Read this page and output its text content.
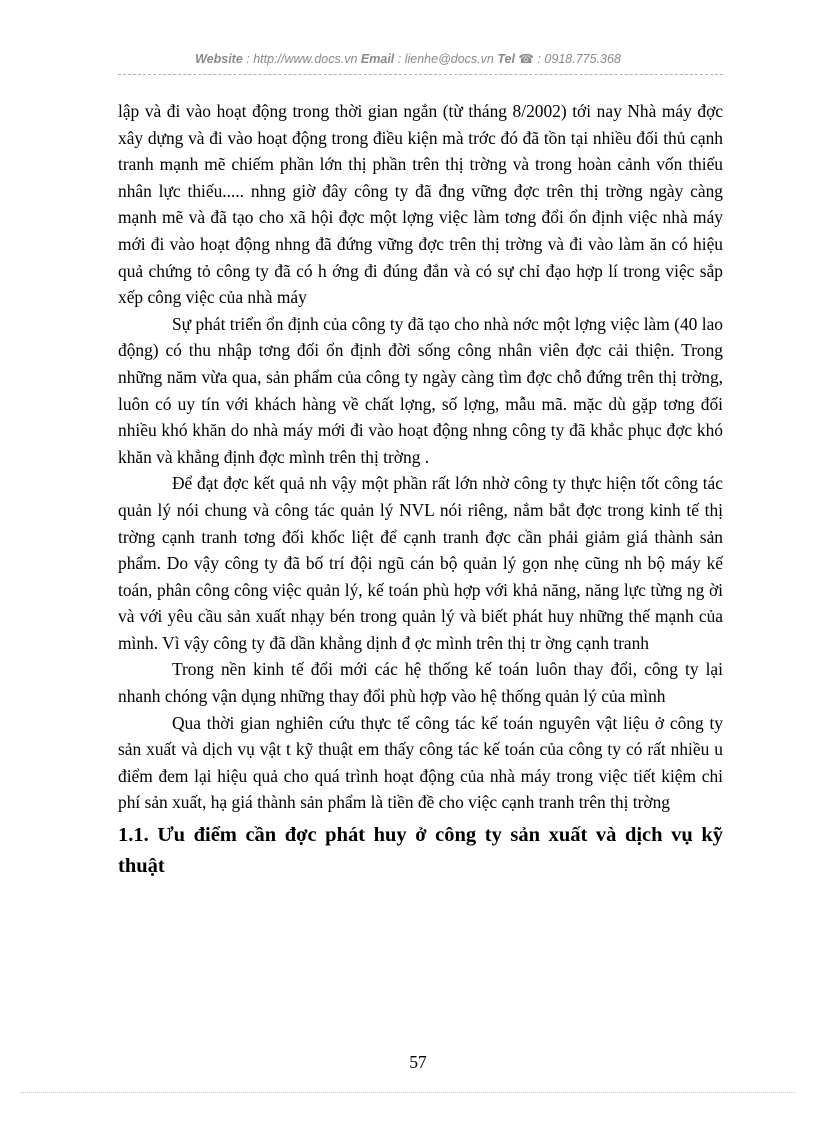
Website : http://www.docs.vn Email : lienhe@docs.vn Tel ☎ : 0918.775.368

lập và đi vào hoạt động trong thời gian ngắn (từ tháng 8/2002) tới nay Nhà máy đợc xây dựng và đi vào hoạt động trong điều kiện mà trớc đó đã tồn tại nhiều đối thủ cạnh tranh mạnh mẽ chiếm phần lớn thị phần trên thị trờng và trong hoàn cảnh vốn thiếu nhân lực thiếu..... nhng giờ đây công ty đã đng vững đợc trên thị trờng ngày càng mạnh mẽ và đã tạo cho xã hội đợc một lợng việc làm tơng đổi ổn định việc nhà máy mới đi vào hoạt động nhng đã đứng vững đợc trên thị trờng và đi vào làm ăn có hiệu quả chứng tỏ công ty đã có h ớng đi đúng đắn và có sự chỉ đạo hợp lí trong việc sắp xếp công việc của nhà máy

Sự phát triển ổn định của công ty đã tạo cho nhà nớc một lợng việc làm (40 lao động) có thu nhập tơng đối ổn định đời sống công nhân viên đợc cải thiện. Trong những năm vừa qua, sản phẩm của công ty ngày càng tìm đợc chỗ đứng trên thị trờng, luôn có uy tín với khách hàng về chất lợng, số lợng, mẫu mã. mặc dù gặp tơng đối nhiều khó khăn do nhà máy mới đi vào hoạt động nhng công ty đã khắc phục đợc khó khăn và khẳng định đợc mình trên thị trờng .

Để đạt đợc kết quả nh vậy một phần rất lớn nhờ công ty thực hiện tốt công tác quản lý nói chung và công tác quản lý NVL nói riêng, nắm bắt đợc trong kinh tế thị trờng cạnh tranh tơng đối khốc liệt để cạnh tranh đợc cần phải giảm giá thành sản phẩm. Do vậy công ty đã bố trí đội ngũ cán bộ quản lý gọn nhẹ cũng nh bộ máy kế toán, phân công công việc quản lý, kế toán phù hợp với khả năng, năng lực từng ng ời và với yêu cầu sản xuất nhạy bén trong quản lý và biết phát huy những thế mạnh của mình. Vì vậy công ty đã dần khẳng dịnh đ ợc mình trên thị tr ờng cạnh tranh

Trong nền kinh tế đổi mới các hệ thống kế toán luôn thay đổi, công ty lại nhanh chóng vận dụng những thay đổi phù hợp vào hệ thống quản lý của mình

Qua thời gian nghiên cứu thực tế công tác kế toán nguyên vật liệu ở công ty sản xuất và dịch vụ vật t kỹ thuật em thấy công tác kế toán của công ty có rất nhiều u điểm đem lại hiệu quả cho quá trình hoạt động của nhà máy trong việc tiết kiệm chi phí sản xuất, hạ giá thành sản phẩm là tiền đề cho việc cạnh tranh trên thị trờng

1.1. Ưu điểm cần đợc phát huy ở công ty sản xuất và dịch vụ kỹ thuật
57
